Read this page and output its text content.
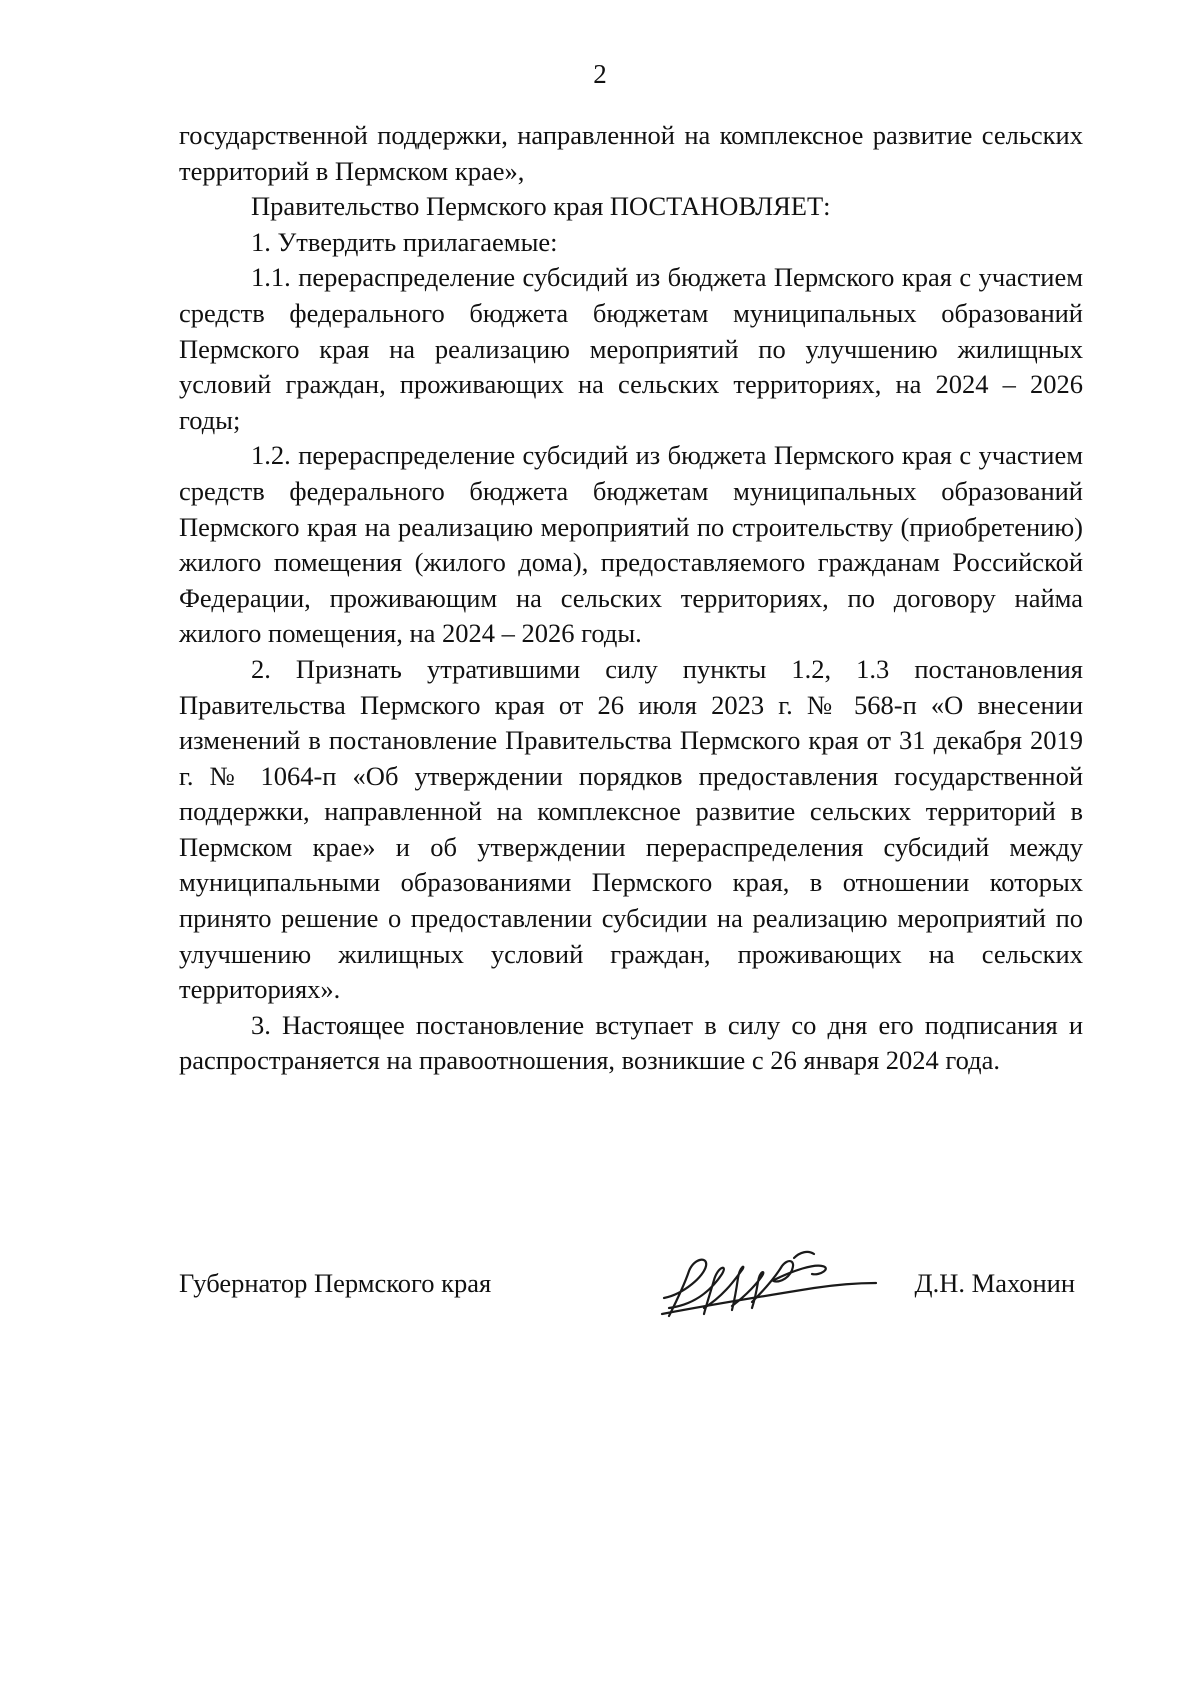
2

государственной поддержки, направленной на комплексное развитие сельских территорий в Пермском крае»,

Правительство Пермского края ПОСТАНОВЛЯЕТ:

1. Утвердить прилагаемые:

1.1. перераспределение субсидий из бюджета Пермского края с участием средств федерального бюджета бюджетам муниципальных образований Пермского края на реализацию мероприятий по улучшению жилищных условий граждан, проживающих на сельских территориях, на 2024 – 2026 годы;

1.2. перераспределение субсидий из бюджета Пермского края с участием средств федерального бюджета бюджетам муниципальных образований Пермского края на реализацию мероприятий по строительству (приобретению) жилого помещения (жилого дома), предоставляемого гражданам Российской Федерации, проживающим на сельских территориях, по договору найма жилого помещения, на 2024 – 2026 годы.

2. Признать утратившими силу пункты 1.2, 1.3 постановления Правительства Пермского края от 26 июля 2023 г. № 568-п «О внесении изменений в постановление Правительства Пермского края от 31 декабря 2019 г. № 1064-п «Об утверждении порядков предоставления государственной поддержки, направленной на комплексное развитие сельских территорий в Пермском крае» и об утверждении перераспределения субсидий между муниципальными образованиями Пермского края, в отношении которых принято решение о предоставлении субсидии на реализацию мероприятий по улучшению жилищных условий граждан, проживающих на сельских территориях».

3. Настоящее постановление вступает в силу со дня его подписания и распространяется на правоотношения, возникшие с 26 января 2024 года.

Губернатор Пермского края	Д.Н. Махонин
